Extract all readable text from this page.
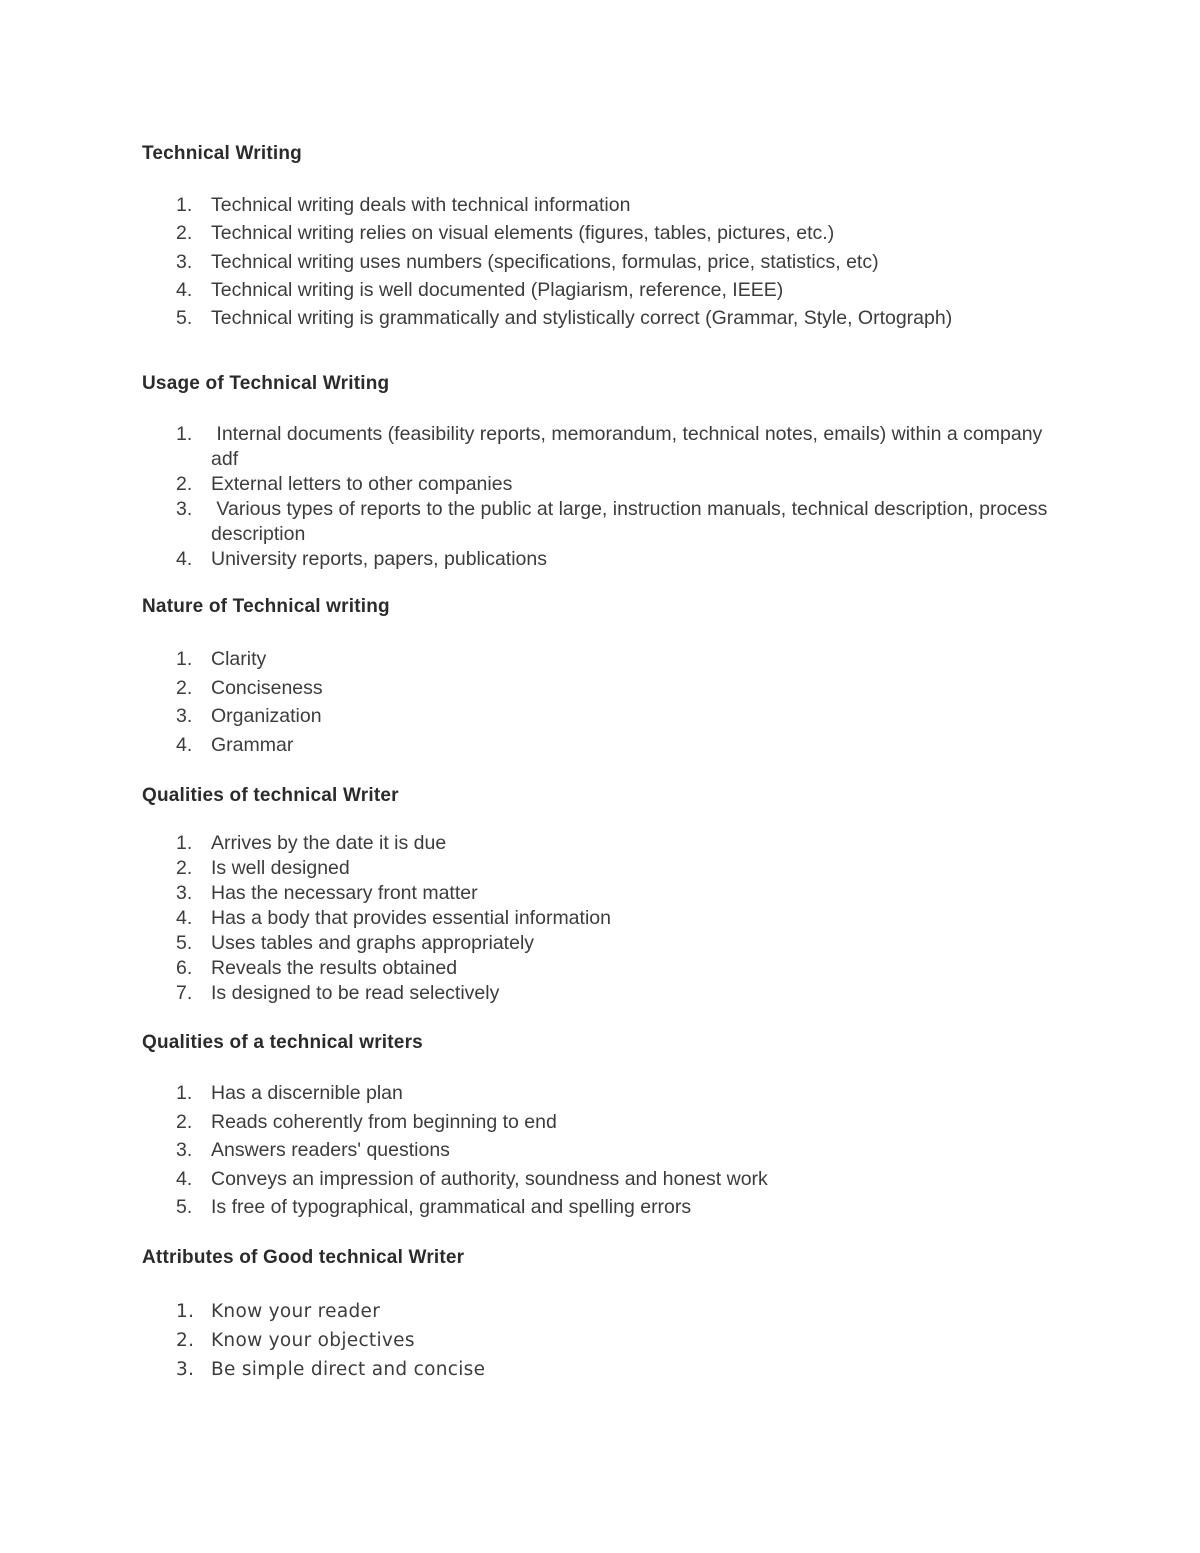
Technical Writing
1. Technical writing deals with technical information
2. Technical writing relies on visual elements (figures, tables, pictures, etc.)
3. Technical writing uses numbers (specifications, formulas, price, statistics, etc)
4. Technical writing is well documented (Plagiarism, reference, IEEE)
5. Technical writing is grammatically and stylistically correct (Grammar, Style, Ortograph)
Usage of Technical Writing
1. Internal documents (feasibility reports, memorandum, technical notes, emails) within a company adf
2. External letters to other companies
3. Various types of reports to the public at large, instruction manuals, technical description, process description
4. University reports, papers, publications
Nature of Technical writing
1. Clarity
2. Conciseness
3. Organization
4. Grammar
Qualities of technical Writer
1. Arrives by the date it is due
2. Is well designed
3. Has the necessary front matter
4. Has a body that provides essential information
5. Uses tables and graphs appropriately
6. Reveals the results obtained
7. Is designed to be read selectively
Qualities of a technical writers
1. Has a discernible plan
2. Reads coherently from beginning to end
3. Answers readers' questions
4. Conveys an impression of authority, soundness and honest work
5. Is free of typographical, grammatical and spelling errors
Attributes of Good technical Writer
1. Know your reader
2. Know your objectives
3. Be simple direct and concise
